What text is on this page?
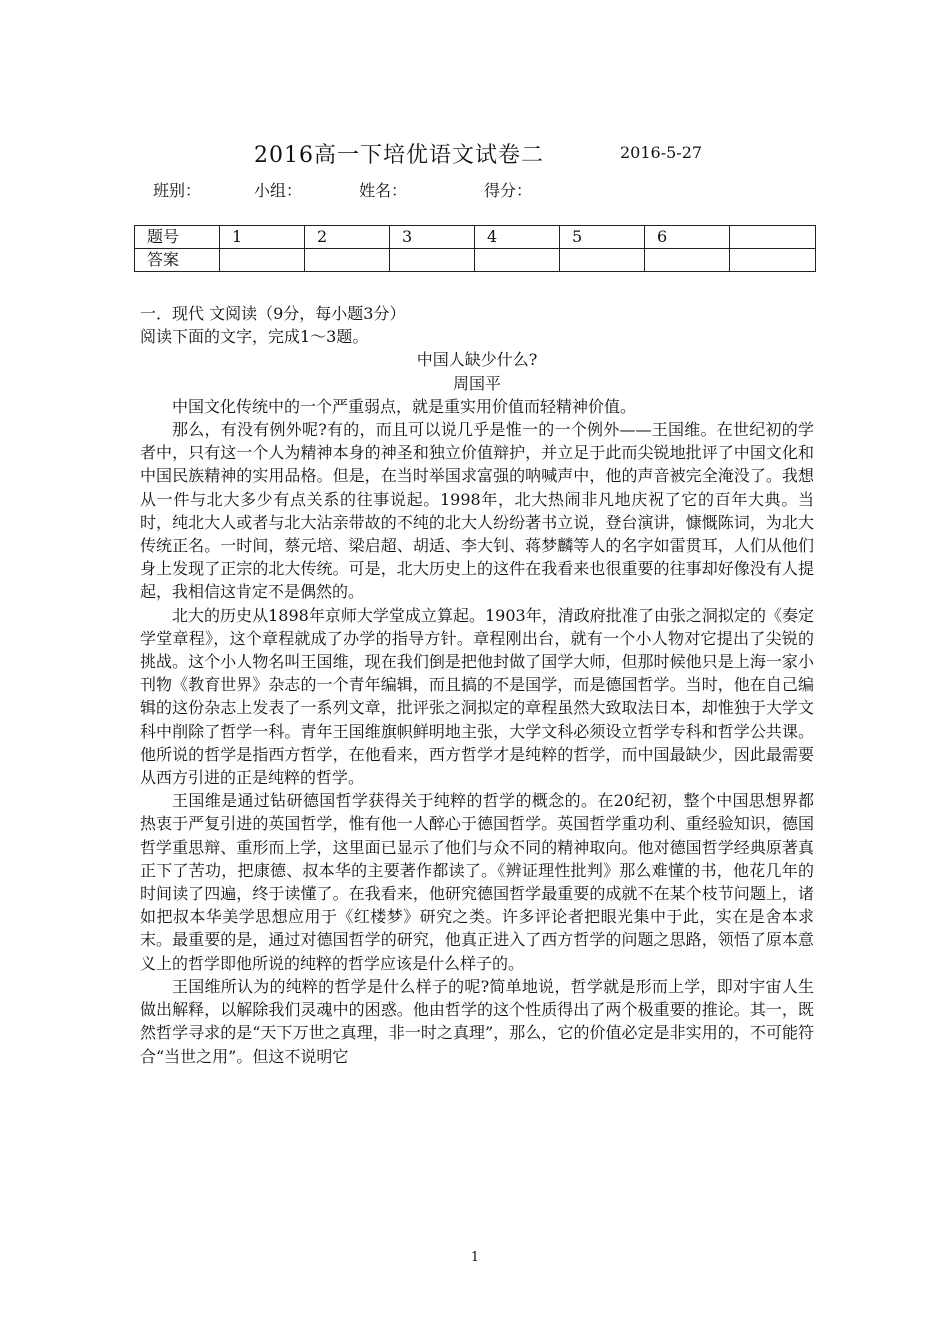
2016高一下培优语文试卷二	2016-5-27
班别：	小组：	姓名：	得分：
题号	1	2	3	4	5	6	
答案							

一．现代 文阅读（9分，每小题3分）

阅读下面的文字，完成1～3题。

中国人缺少什么?

周国平

中国文化传统中的一个严重弱点，就是重实用价值而轻精神价值。

那么，有没有例外呢?有的，而且可以说几乎是惟一的一个例外——王国维。在世纪初的学者中，只有这一个人为精神本身的神圣和独立价值辩护，并立足于此而尖锐地批评了中国文化和中国民族精神的实用品格。但是，在当时举国求富强的呐喊声中，他的声音被完全淹没了。我想从一件与北大多少有点关系的往事说起。1998年，北大热闹非凡地庆祝了它的百年大典。当时，纯北大人或者与北大沾亲带故的不纯的北大人纷纷著书立说，登台演讲，慷慨陈词，为北大传统正名。一时间，蔡元培、梁启超、胡适、李大钊、蒋梦麟等人的名字如雷贯耳，人们从他们身上发现了正宗的北大传统。可是，北大历史上的这件在我看来也很重要的往事却好像没有人提起，我相信这肯定不是偶然的。

北大的历史从1898年京师大学堂成立算起。1903年，清政府批准了由张之洞拟定的《奏定学堂章程》，这个章程就成了办学的指导方针。章程刚出台，就有一个小人物对它提出了尖锐的挑战。这个小人物名叫王国维，现在我们倒是把他封做了国学大师，但那时候他只是上海一家小刊物《教育世界》杂志的一个青年编辑，而且搞的不是国学，而是德国哲学。当时，他在自己编辑的这份杂志上发表了一系列文章，批评张之洞拟定的章程虽然大致取法日本，却惟独于大学文科中削除了哲学一科。青年王国维旗帜鲜明地主张，大学文科必须设立哲学专科和哲学公共课。他所说的哲学是指西方哲学，在他看来，西方哲学才是纯粹的哲学，而中国最缺少，因此最需要从西方引进的正是纯粹的哲学。

王国维是通过钻研德国哲学获得关于纯粹的哲学的概念的。在20纪初，整个中国思想界都热衷于严复引进的英国哲学，惟有他一人醉心于德国哲学。英国哲学重功利、重经验知识，德国哲学重思辩、重形而上学，这里面已显示了他们与众不同的精神取向。他对德国哲学经典原著真正下了苦功，把康德、叔本华的主要著作都读了。《辨证理性批判》那么难懂的书，他花几年的时间读了四遍，终于读懂了。在我看来，他研究德国哲学最重要的成就不在某个枝节问题上，诸如把叔本华美学思想应用于《红楼梦》研究之类。许多评论者把眼光集中于此，实在是舍本求末。最重要的是，通过对德国哲学的研究，他真正进入了西方哲学的问题之思路，领悟了原本意义上的哲学即他所说的纯粹的哲学应该是什么样子的。

王国维所认为的纯粹的哲学是什么样子的呢?简单地说，哲学就是形而上学，即对宇宙人生做出解释，以解除我们灵魂中的困惑。他由哲学的这个性质得出了两个极重要的推论。其一，既然哲学寻求的是“天下万世之真理，非一时之真理”，那么，它的价值必定是非实用的，不可能符合“当世之用”。但这不说明它

1
